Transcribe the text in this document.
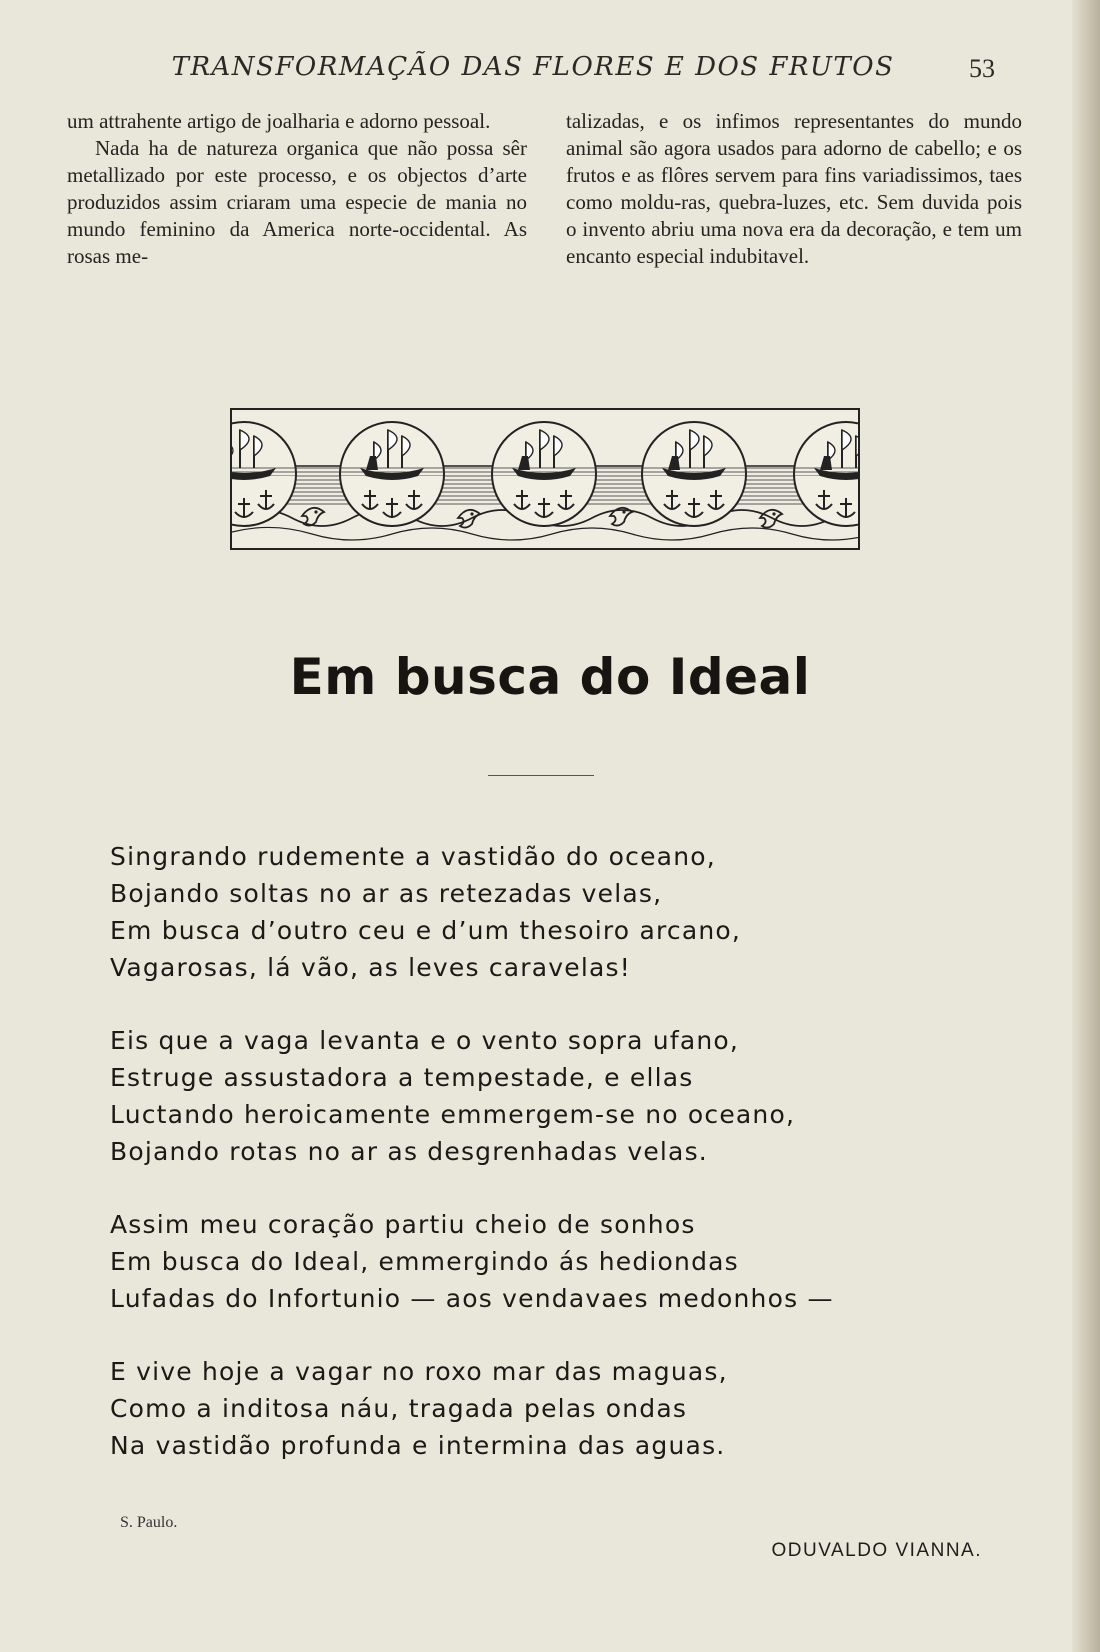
TRANSFORMAÇÃO DAS FLORES E DOS FRUTOS	53

um attrahente artigo de joalharia e adorno pessoal.

Nada ha de natureza organica que não possa sêr metallizado por este processo, e os objectos d’arte produzidos assim criaram uma especie de mania no mundo feminino da America norte-occidental. As rosas me-

talizadas, e os infimos representantes do mundo animal são agora usados para adorno de cabello; e os frutos e as flôres servem para fins variadissimos, taes como moldu-ras, quebra-luzes, etc. Sem duvida pois o invento abriu uma nova era da decoração, e tem um encanto especial indubitavel.

Em busca do Ideal
Singrando rudemente a vastidão do oceano,
Bojando soltas no ar as retezadas velas,
Em busca d’outro ceu e d’um thesoiro arcano,
Vagarosas, lá vão, as leves caravelas!
Eis que a vaga levanta e o vento sopra ufano,
Estruge assustadora a tempestade, e ellas
Luctando heroicamente emmergem-se no oceano,
Bojando rotas no ar as desgrenhadas velas.
Assim meu coração partiu cheio de sonhos
Em busca do Ideal, emmergindo ás hediondas
Lufadas do Infortunio — aos vendavaes medonhos —
E vive hoje a vagar no roxo mar das maguas,
Como a inditosa náu, tragada pelas ondas
Na vastidão profunda e intermina das aguas.
S. Paulo.
ODUVALDO VIANNA.
